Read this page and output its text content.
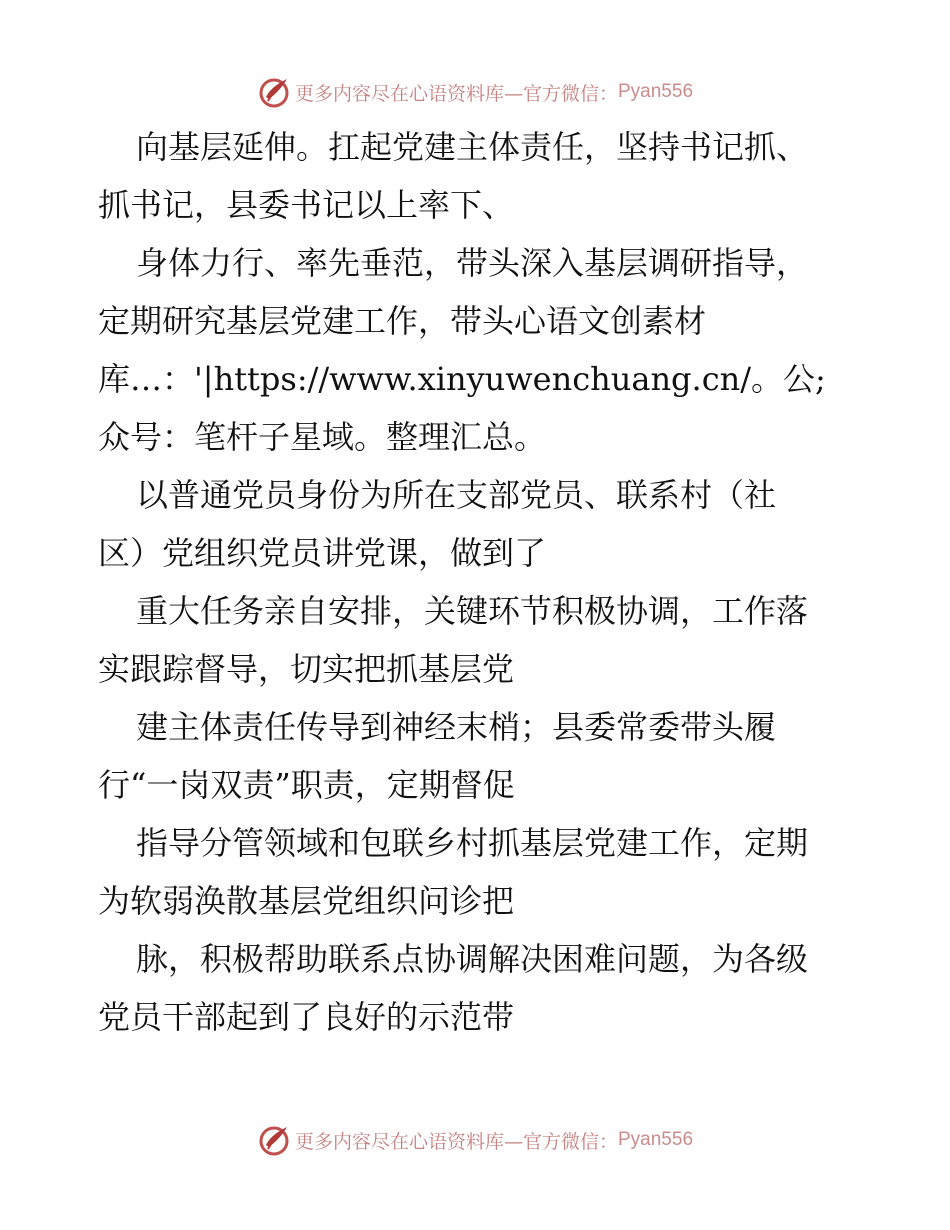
更多内容尽在心语资料库—官方微信： Pyan556
向基层延伸。扛起党建主体责任，坚持书记抓、
抓书记，县委书记以上率下、
身体力行、率先垂范，带头深入基层调研指导，
定期研究基层党建工作，带头心语文创素材
库…：'|https://www.xinyuwenchuang.cn/。公;
众号：笔杆子星域。整理汇总。
以普通党员身份为所在支部党员、联系村（社
区）党组织党员讲党课，做到了
重大任务亲自安排，关键环节积极协调，工作落
实跟踪督导，切实把抓基层党
建主体责任传导到神经末梢；县委常委带头履
行“一岗双责”职责，定期督促
指导分管领域和包联乡村抓基层党建工作，定期
为软弱涣散基层党组织问诊把
脉，积极帮助联系点协调解决困难问题，为各级
党员干部起到了良好的示范带
更多内容尽在心语资料库—官方微信： Pyan556
